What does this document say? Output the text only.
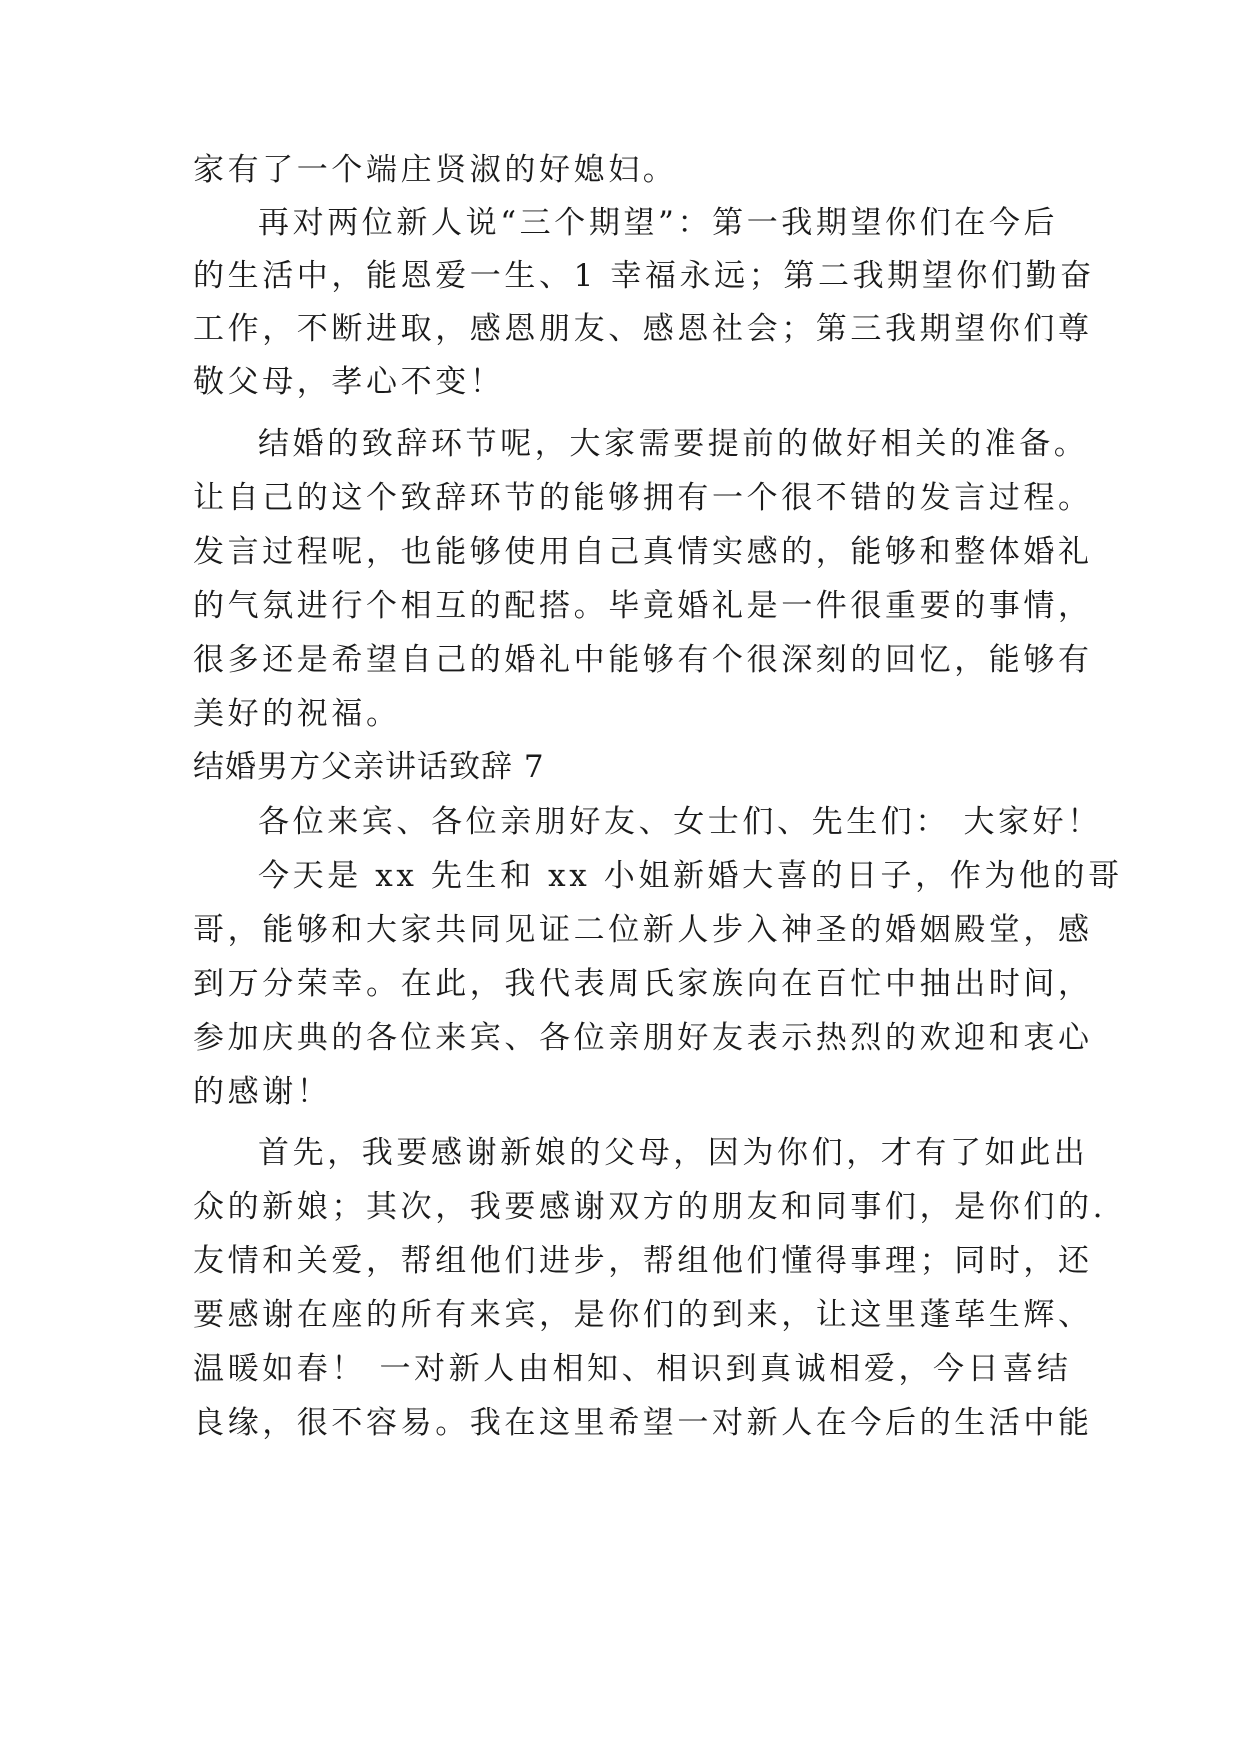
家有了一个端庄贤淑的好媳妇。
再对两位新人说“三个期望”：第一我期望你们在今后
的生活中，能恩爱一生、1 幸福永远；第二我期望你们勤奋
工作，不断进取，感恩朋友、感恩社会；第三我期望你们尊
敬父母，孝心不变！
结婚的致辞环节呢，大家需要提前的做好相关的准备。
让自己的这个致辞环节的能够拥有一个很不错的发言过程。
发言过程呢，也能够使用自己真情实感的，能够和整体婚礼
的气氛进行个相互的配搭。毕竟婚礼是一件很重要的事情，
很多还是希望自己的婚礼中能够有个很深刻的回忆，能够有
美好的祝福。
结婚男方父亲讲话致辞 7
各位来宾、各位亲朋好友、女士们、先生们： 大家好！
今天是 xx 先生和 xx 小姐新婚大喜的日子，作为他的哥
哥，能够和大家共同见证二位新人步入神圣的婚姻殿堂，感
到万分荣幸。在此，我代表周氏家族向在百忙中抽出时间，
参加庆典的各位来宾、各位亲朋好友表示热烈的欢迎和衷心
的感谢！
首先，我要感谢新娘的父母，因为你们，才有了如此出
众的新娘；其次，我要感谢双方的朋友和同事们，是你们的.
友情和关爱，帮组他们进步，帮组他们懂得事理；同时，还
要感谢在座的所有来宾，是你们的到来，让这里蓬荜生辉、
温暖如春！ 一对新人由相知、相识到真诚相爱，今日喜结
良缘，很不容易。我在这里希望一对新人在今后的生活中能
